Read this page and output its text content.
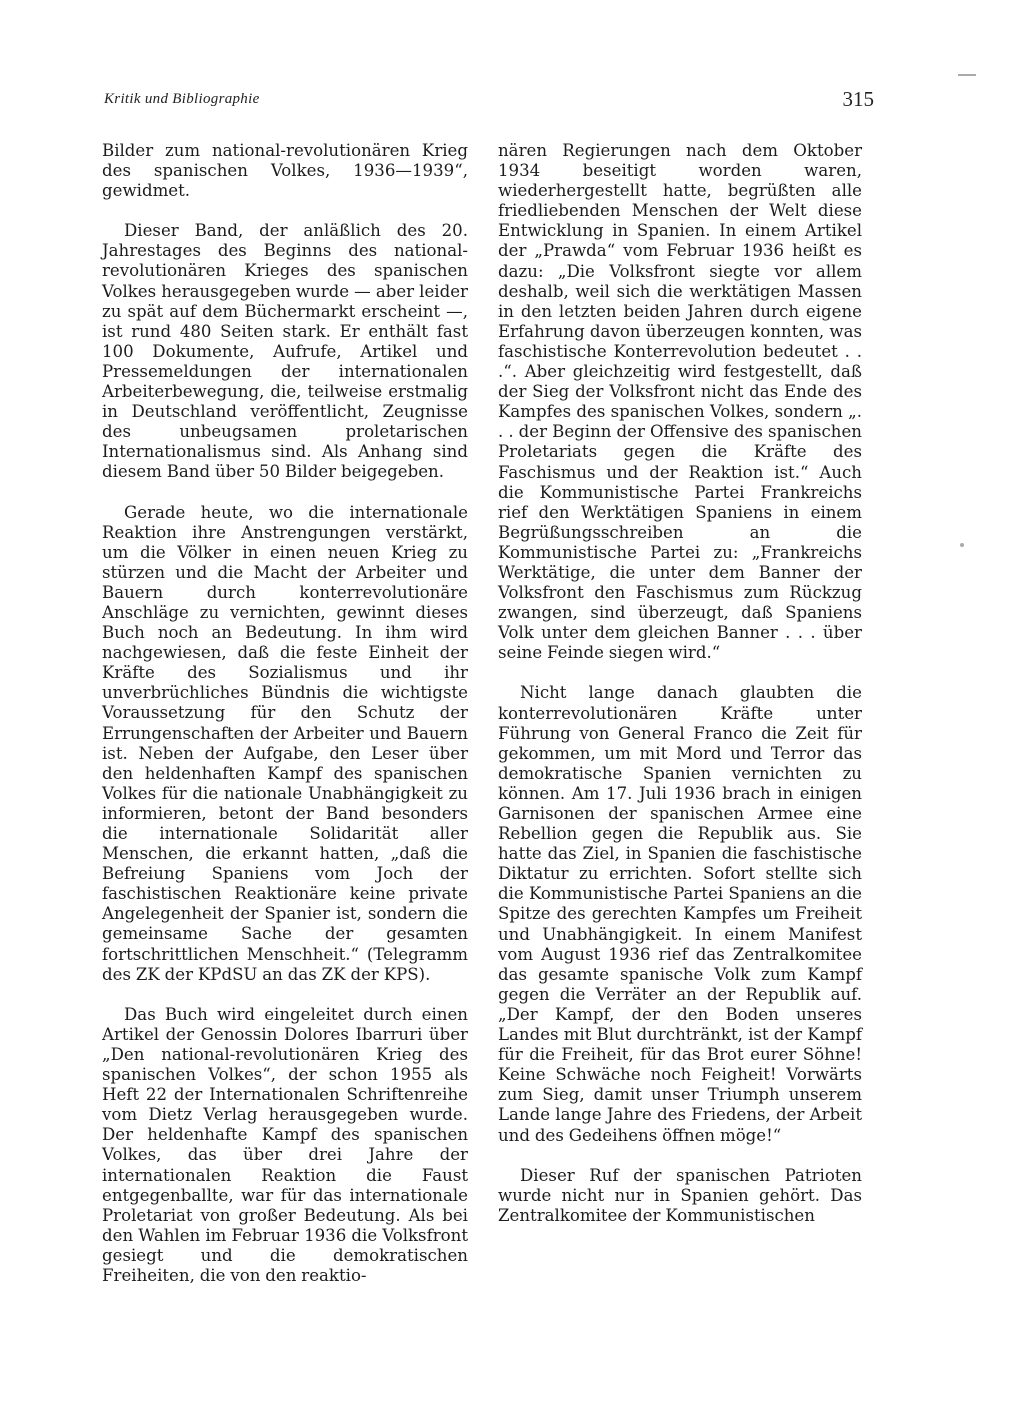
Kritik und Bibliographie	315

Bilder zum national-revolutionären Krieg des spanischen Volkes, 1936—1939“, gewidmet.

Dieser Band, der anläßlich des 20. Jahrestages des Beginns des national-revolutionären Krieges des spanischen Volkes herausgegeben wurde — aber leider zu spät auf dem Büchermarkt erscheint —, ist rund 480 Seiten stark. Er enthält fast 100 Dokumente, Aufrufe, Artikel und Pressemeldungen der internationalen Arbeiterbewegung, die, teilweise erstmalig in Deutschland veröffentlicht, Zeugnisse des unbeugsamen proletarischen Internationalismus sind. Als Anhang sind diesem Band über 50 Bilder beigegeben.

Gerade heute, wo die internationale Reaktion ihre Anstrengungen verstärkt, um die Völker in einen neuen Krieg zu stürzen und die Macht der Arbeiter und Bauern durch konterrevolutionäre Anschläge zu vernichten, gewinnt dieses Buch noch an Bedeutung. In ihm wird nachgewiesen, daß die feste Einheit der Kräfte des Sozialismus und ihr unverbrüchliches Bündnis die wichtigste Voraussetzung für den Schutz der Errungenschaften der Arbeiter und Bauern ist. Neben der Aufgabe, den Leser über den heldenhaften Kampf des spanischen Volkes für die nationale Unabhängigkeit zu informieren, betont der Band besonders die internationale Solidarität aller Menschen, die erkannt hatten, „daß die Befreiung Spaniens vom Joch der faschistischen Reaktionäre keine private Angelegenheit der Spanier ist, sondern die gemeinsame Sache der gesamten fortschrittlichen Menschheit.“ (Telegramm des ZK der KPdSU an das ZK der KPS).

Das Buch wird eingeleitet durch einen Artikel der Genossin Dolores Ibarruri über „Den national-revolutionären Krieg des spanischen Volkes“, der schon 1955 als Heft 22 der Internationalen Schriftenreihe vom Dietz Verlag herausgegeben wurde. Der heldenhafte Kampf des spanischen Volkes, das über drei Jahre der internationalen Reaktion die Faust entgegenballte, war für das internationale Proletariat von großer Bedeutung. Als bei den Wahlen im Februar 1936 die Volksfront gesiegt und die demokratischen Freiheiten, die von den reaktio-

nären Regierungen nach dem Oktober 1934 beseitigt worden waren, wiederhergestellt hatte, begrüßten alle friedliebenden Menschen der Welt diese Entwicklung in Spanien. In einem Artikel der „Prawda“ vom Februar 1936 heißt es dazu: „Die Volksfront siegte vor allem deshalb, weil sich die werktätigen Massen in den letzten beiden Jahren durch eigene Erfahrung davon überzeugen konnten, was faschistische Konterrevolution bedeutet . . .“. Aber gleichzeitig wird festgestellt, daß der Sieg der Volksfront nicht das Ende des Kampfes des spanischen Volkes, sondern „. . . der Beginn der Offensive des spanischen Proletariats gegen die Kräfte des Faschismus und der Reaktion ist.“ Auch die Kommunistische Partei Frankreichs rief den Werktätigen Spaniens in einem Begrüßungsschreiben an die Kommunistische Partei zu: „Frankreichs Werktätige, die unter dem Banner der Volksfront den Faschismus zum Rückzug zwangen, sind überzeugt, daß Spaniens Volk unter dem gleichen Banner . . . über seine Feinde siegen wird.“

Nicht lange danach glaubten die konterrevolutionären Kräfte unter Führung von General Franco die Zeit für gekommen, um mit Mord und Terror das demokratische Spanien vernichten zu können. Am 17. Juli 1936 brach in einigen Garnisonen der spanischen Armee eine Rebellion gegen die Republik aus. Sie hatte das Ziel, in Spanien die faschistische Diktatur zu errichten. Sofort stellte sich die Kommunistische Partei Spaniens an die Spitze des gerechten Kampfes um Freiheit und Unabhängigkeit. In einem Manifest vom August 1936 rief das Zentralkomitee das gesamte spanische Volk zum Kampf gegen die Verräter an der Republik auf. „Der Kampf, der den Boden unseres Landes mit Blut durchtränkt, ist der Kampf für die Freiheit, für das Brot eurer Söhne! Keine Schwäche noch Feigheit! Vorwärts zum Sieg, damit unser Triumph unserem Lande lange Jahre des Friedens, der Arbeit und des Gedeihens öffnen möge!“

Dieser Ruf der spanischen Patrioten wurde nicht nur in Spanien gehört. Das Zentralkomitee der Kommunistischen
